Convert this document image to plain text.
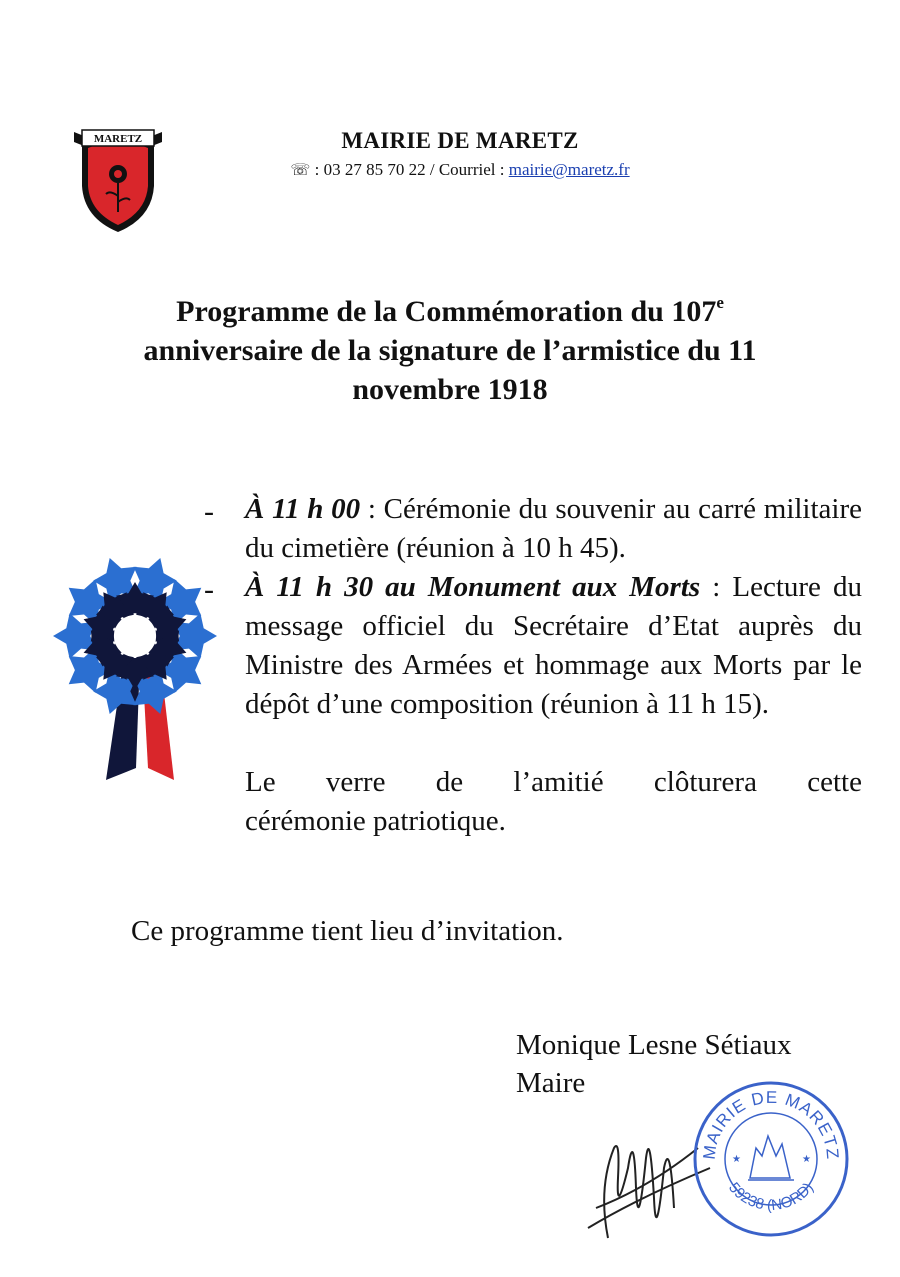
MARETZ	MAIRIE DE MARETZ
☏ : 03 27 85 70 22 / Courriel : mairie@maretz.fr
Programme de la Commémoration du 107e
anniversaire de la signature de l’armistice du 11 novembre 1918
-
-
À 11 h 00 : Cérémonie du souvenir au carré militaire du cimetière (réunion à 10 h 45).
À 11 h 30 au Monument aux Morts : Lecture du message officiel du Secrétaire d’Etat auprès du Ministre des Armées et hommage aux Morts par le dépôt d’une composition (réunion à 11 h 15).
Le verre de l’amitié clôturera cette
cérémonie patriotique.
Ce programme tient lieu d’invitation.
Monique Lesne Sétiaux
Maire
MAIRIE DE MARETZ
59238 (NORD)
★	★
